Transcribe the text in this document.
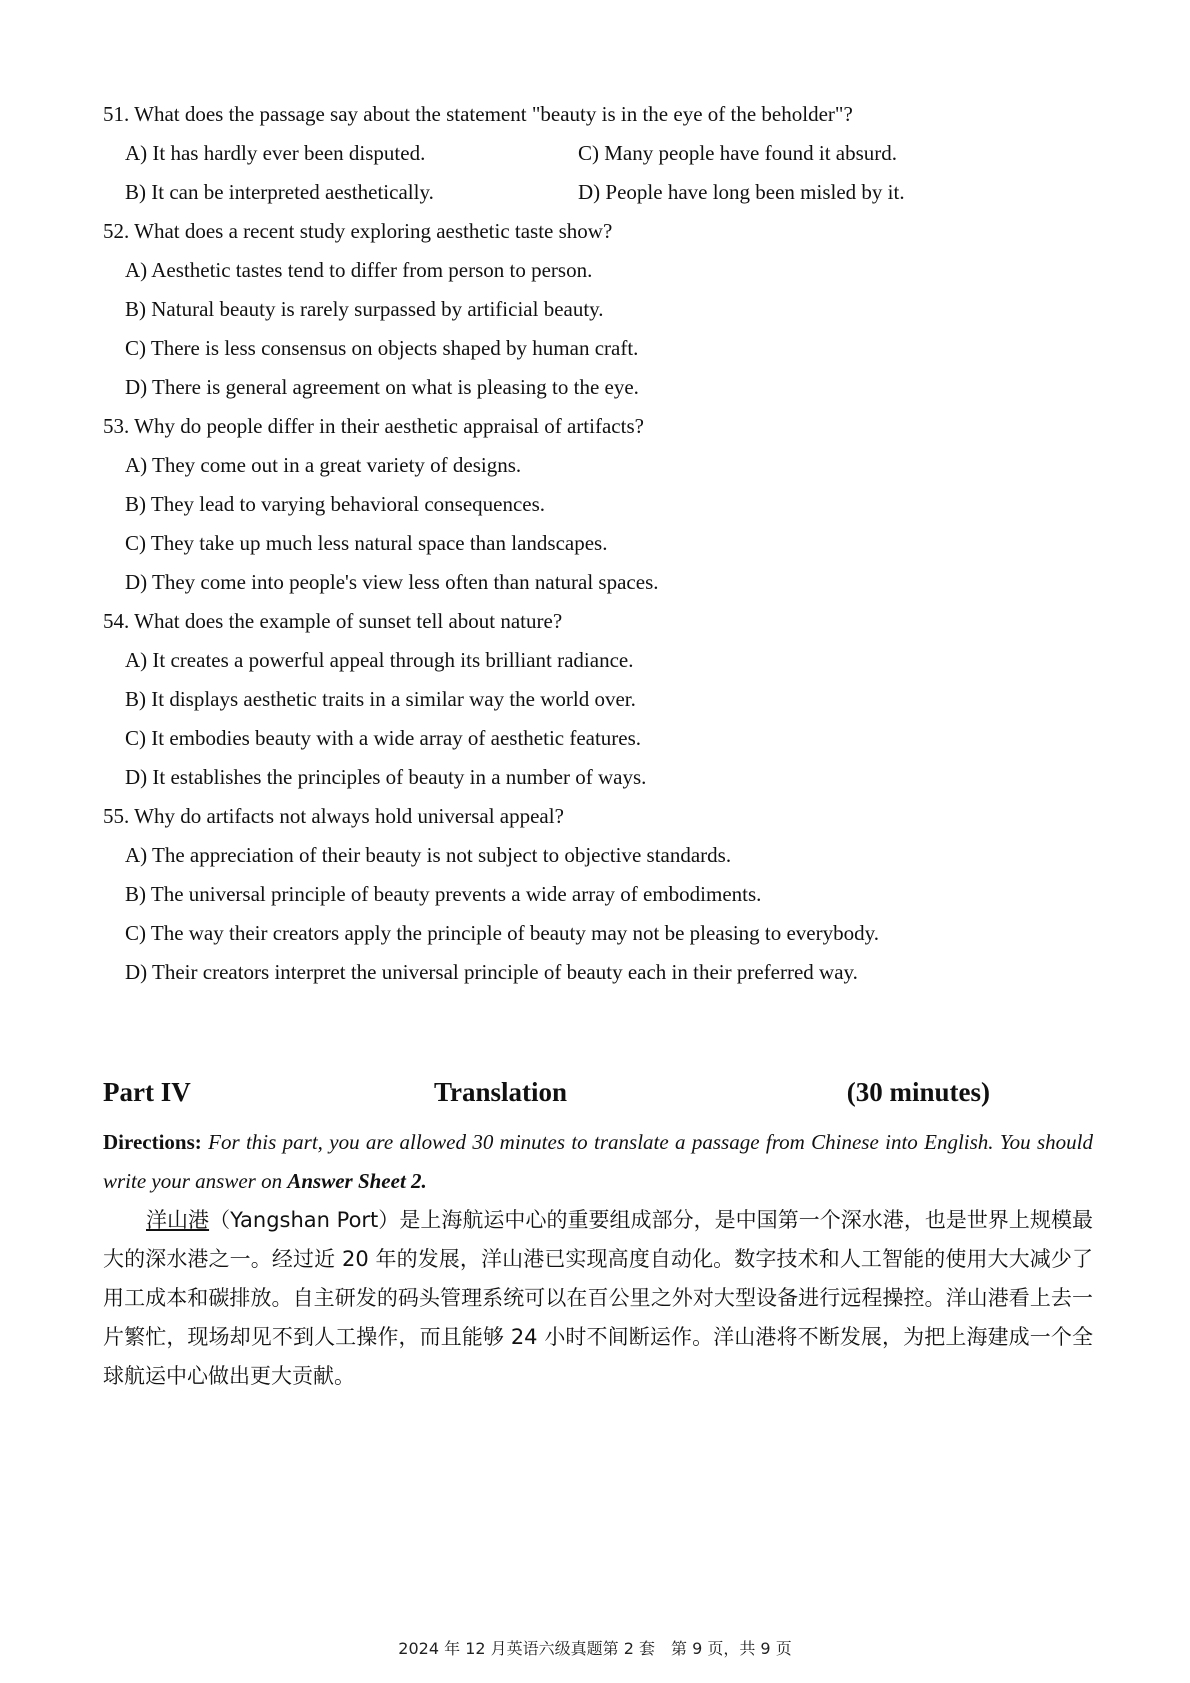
51. What does the passage say about the statement "beauty is in the eye of the beholder"?
A) It has hardly ever been disputed.	C) Many people have found it absurd.
B) It can be interpreted aesthetically.	D) People have long been misled by it.
52. What does a recent study exploring aesthetic taste show?
A) Aesthetic tastes tend to differ from person to person.
B) Natural beauty is rarely surpassed by artificial beauty.
C) There is less consensus on objects shaped by human craft.
D) There is general agreement on what is pleasing to the eye.
53. Why do people differ in their aesthetic appraisal of artifacts?
A) They come out in a great variety of designs.
B) They lead to varying behavioral consequences.
C) They take up much less natural space than landscapes.
D) They come into people's view less often than natural spaces.
54. What does the example of sunset tell about nature?
A) It creates a powerful appeal through its brilliant radiance.
B) It displays aesthetic traits in a similar way the world over.
C) It embodies beauty with a wide array of aesthetic features.
D) It establishes the principles of beauty in a number of ways.
55. Why do artifacts not always hold universal appeal?
A) The appreciation of their beauty is not subject to objective standards.
B) The universal principle of beauty prevents a wide array of embodiments.
C) The way their creators apply the principle of beauty may not be pleasing to everybody.
D) Their creators interpret the universal principle of beauty each in their preferred way.
Part IV	Translation	(30 minutes)
Directions: For this part, you are allowed 30 minutes to translate a passage from Chinese into English. You should write your answer on Answer Sheet 2.
洋山港（Yangshan Port）是上海航运中心的重要组成部分，是中国第一个深水港，也是世界上规模最大的深水港之一。经过近 20 年的发展，洋山港已实现高度自动化。数字技术和人工智能的使用大大减少了用工成本和碳排放。自主研发的码头管理系统可以在百公里之外对大型设备进行远程操控。洋山港看上去一片繁忙，现场却见不到人工操作，而且能够 24 小时不间断运作。洋山港将不断发展，为把上海建成一个全球航运中心做出更大贡献。
2024 年 12 月英语六级真题第 2 套　第 9 页，共 9 页
